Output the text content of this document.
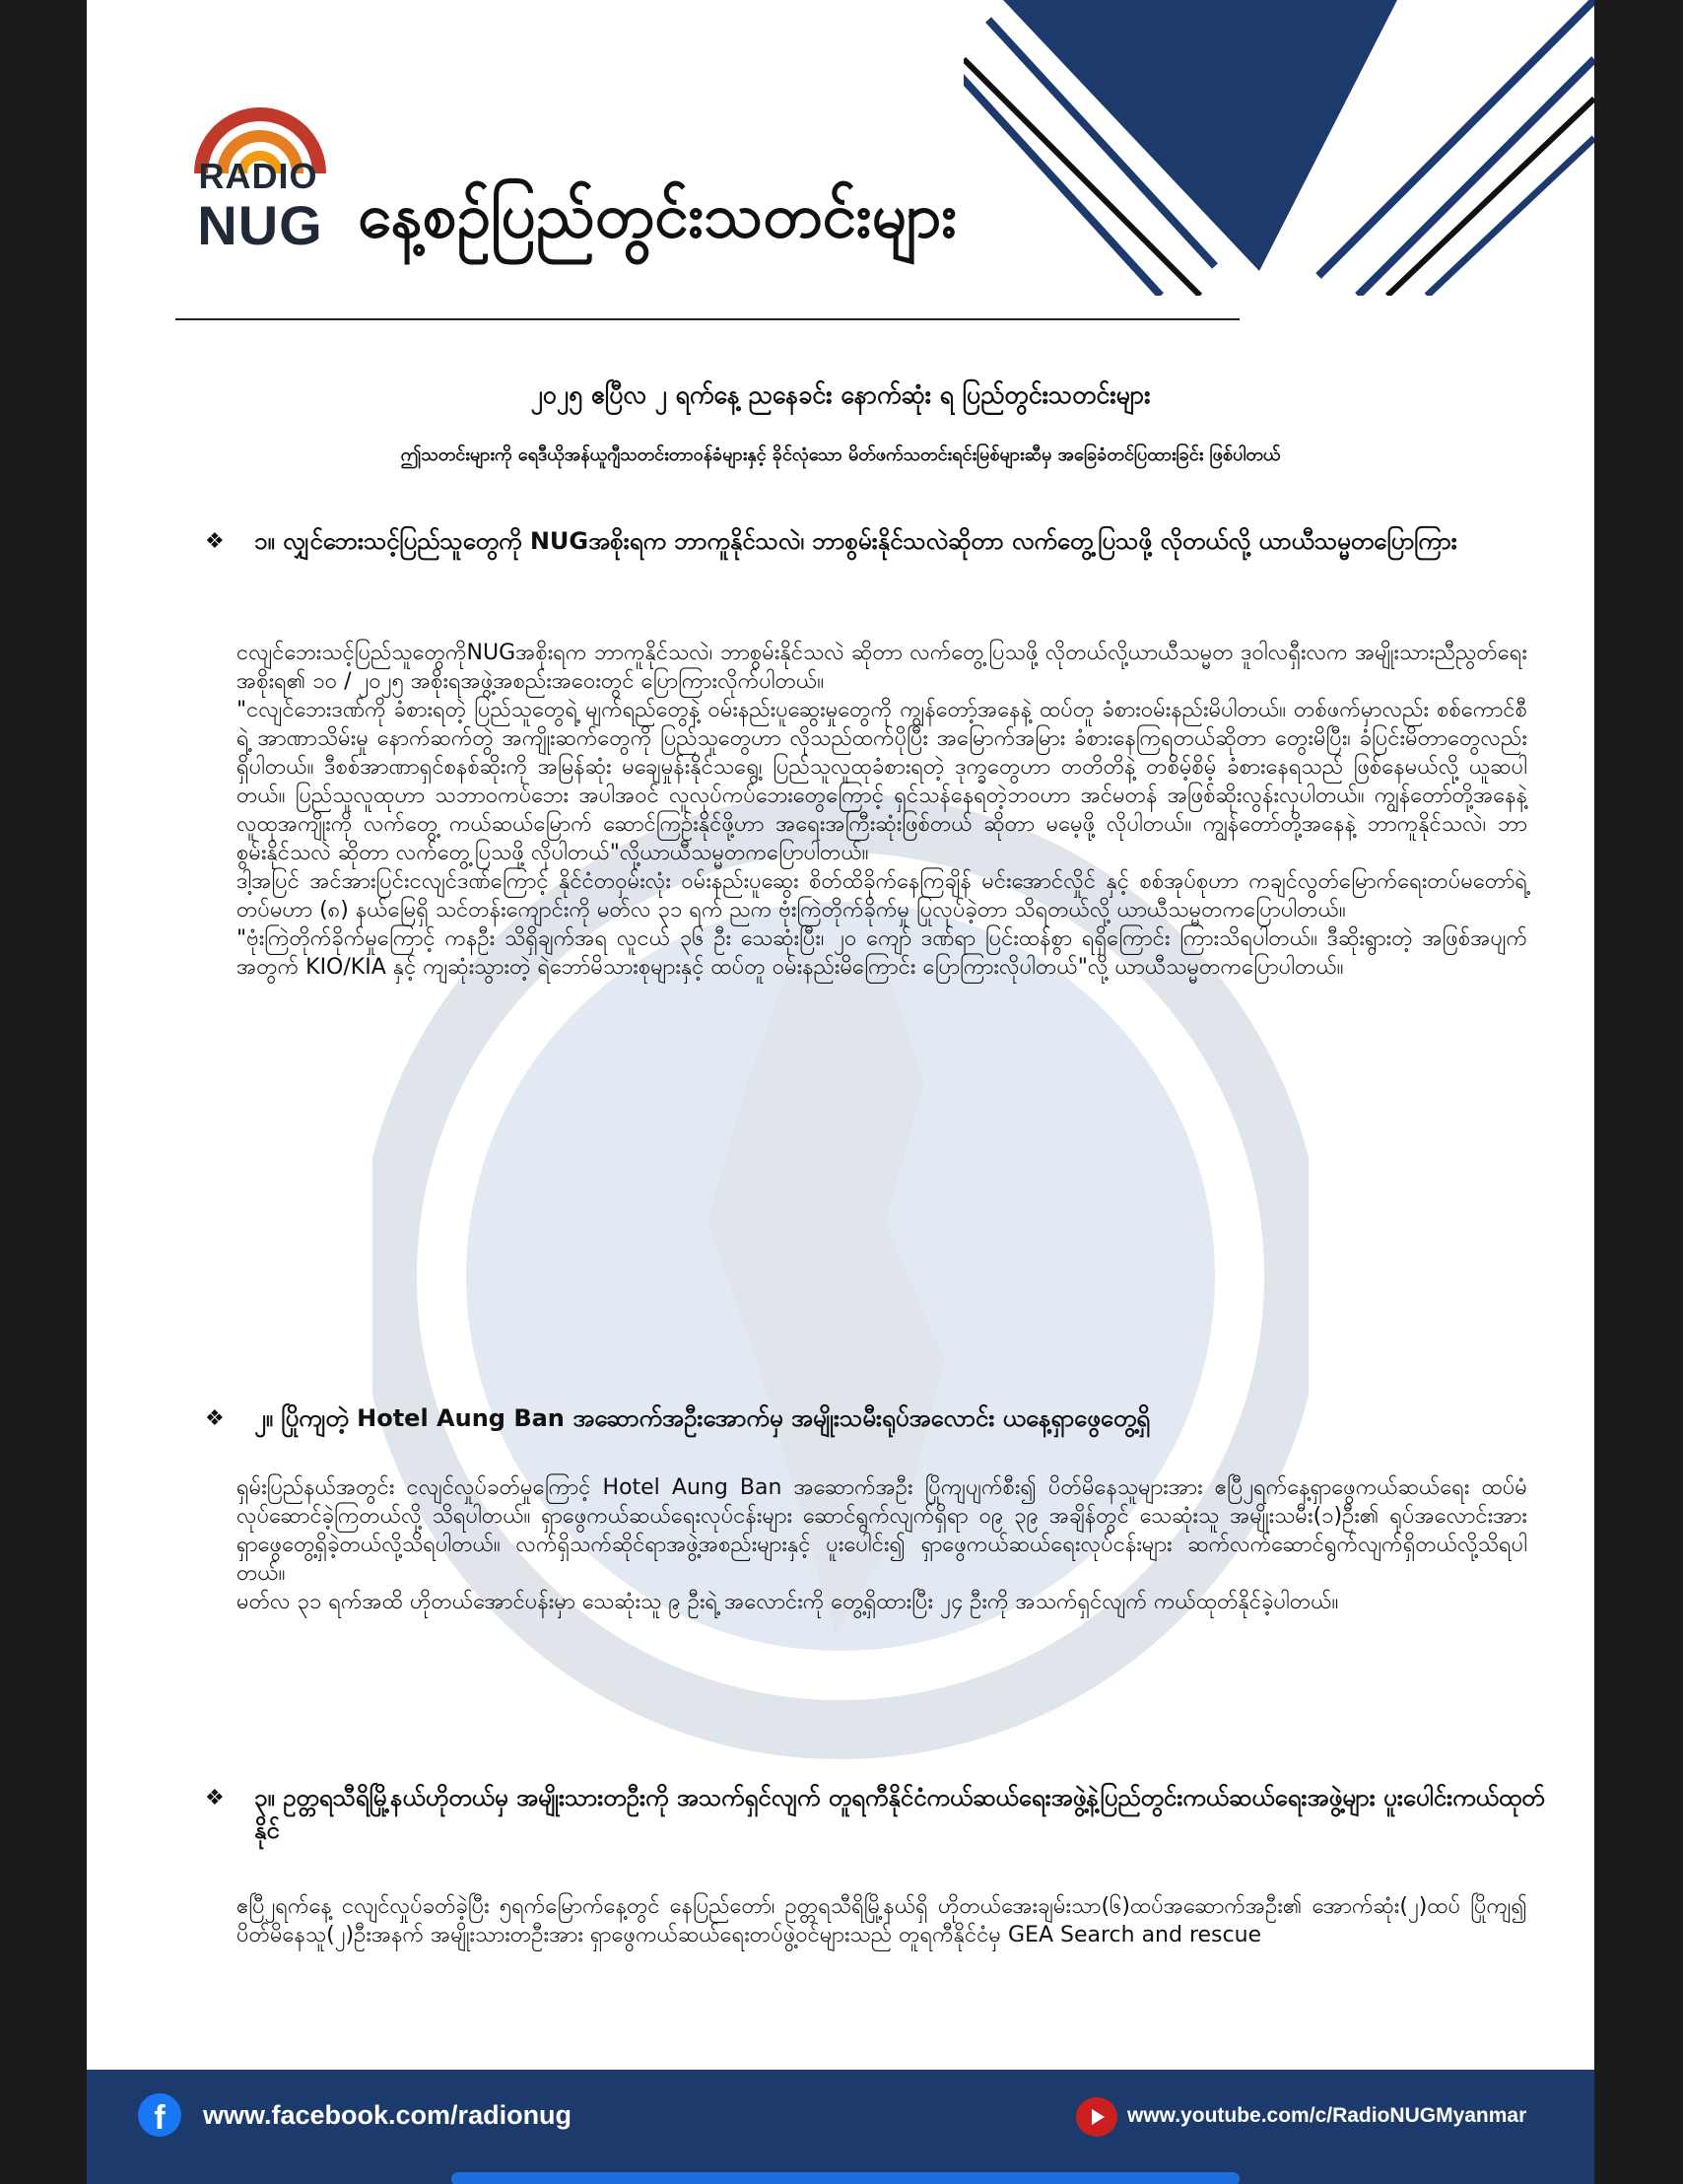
RADIO
NUG နေ့စဉ်ပြည်တွင်းသတင်းများ
၂၀၂၅ ဧပြီလ ၂ ရက်နေ့ ညနေခင်း နောက်ဆုံး ရ ပြည်တွင်းသတင်းများ
ဤသတင်းများကို ရေဒီယိုအန်ယူဂျီသတင်းတာဝန်ခံများနှင့် ခိုင်လုံသော မိတ်ဖက်သတင်းရင်းမြစ်များဆီမှ အခြေခံတင်ပြထားခြင်း ဖြစ်ပါတယ်
❖	၁။ လျှင်ဘေးသင့်ပြည်သူတွေကို NUGအစိုးရက ဘာကူနိုင်သလဲ၊ ဘာစွမ်းနိုင်သလဲဆိုတာ လက်တွေ့ပြသဖို့ လိုတယ်လို့ ယာယီသမ္မတပြောကြား

ငလျင်ဘေးသင့်ပြည်သူတွေကိုNUGအစိုးရက ဘာကူနိုင်သလဲ၊ ဘာစွမ်းနိုင်သလဲ ဆိုတာ လက်တွေ့ပြသဖို့ လိုတယ်လို့ယာယီသမ္မတ ဒူဝါလရှီးလက အမျိုးသားညီညွတ်ရေးအစိုးရ၏ ၁၀ / ၂၀၂၅ အစိုးရအဖွဲ့အစည်းအဝေးတွင် ပြောကြားလိုက်ပါတယ်။

"ငလျင်ဘေးဒဏ်ကို ခံစားရတဲ့ ပြည်သူတွေရဲ့ မျက်ရည်တွေနဲ့ ဝမ်းနည်းပူဆွေးမှုတွေကို ကျွန်တော့်အနေနဲ့ ထပ်တူ ခံစားဝမ်းနည်းမိပါတယ်။ တစ်ဖက်မှာလည်း စစ်ကောင်စီရဲ့ အာဏာသိမ်းမှု နောက်ဆက်တွဲ အကျိုးဆက်တွေကို ပြည်သူတွေဟာ လိုသည်ထက်ပိုပြီး အမြောက်အမြား ခံစားနေကြရတယ်ဆိုတာ တွေးမိပြီး၊ ခံပြင်းမိတာတွေလည်း ရှိပါတယ်။ ဒီစစ်အာဏာရှင်စနစ်ဆိုးကို အမြန်ဆုံး မချေမှုန်းနိုင်သရွေ့၊ ပြည်သူလူထုခံစားရတဲ့ ဒုက္ခတွေဟာ တတိတိနဲ့ တစိမ့်စိမ့် ခံစားနေရသည် ဖြစ်နေမယ်လို့ ယူဆပါတယ်။ ပြည်သူလူထုဟာ သဘာဝကပ်ဘေး အပါအဝင် လူလုပ်ကပ်ဘေးတွေကြောင့် ရှင်သန်နေရတဲ့ဘဝဟာ အင်မတန် အဖြစ်ဆိုးလွန်းလှပါတယ်။ ကျွန်တော်တို့အနေနဲ့ လူထုအကျိုးကို လက်တွေ့ ကယ်ဆယ်မြောက် ဆောင်ကြဉ်းနိုင်ဖို့ဟာ အရေးအကြီးဆုံးဖြစ်တယ် ဆိုတာ မမေ့ဖို့ လိုပါတယ်။ ကျွန်တော်တို့အနေနဲ့ ဘာကူနိုင်သလဲ၊ ဘာစွမ်းနိုင်သလဲ ဆိုတာ လက်တွေ့ပြသဖို့ လိုပါတယ်"လို့ယာယီသမ္မတကပြောပါတယ်။

ဒါ့အပြင် အင်အားပြင်းငလျင်ဒဏ်ကြောင့် နိုင်ငံတဝှမ်းလုံး ဝမ်းနည်းပူဆွေး စိတ်ထိခိုက်နေကြချိန် မင်းအောင်လှိုင် နှင့် စစ်အုပ်စုဟာ ကချင်လွတ်မြောက်ရေးတပ်မတော်ရဲ့ တပ်မဟာ (၈) နယ်မြေရှိ သင်တန်းကျောင်းကို မတ်လ ၃၁ ရက် ညက ဗုံးကြဲတိုက်ခိုက်မှု ပြုလုပ်ခဲ့တာ သိရတယ်လို့ ယာယီသမ္မတကပြောပါတယ်။

"ဗုံးကြဲတိုက်ခိုက်မှုကြောင့် ကနဦး သိရှိချက်အရ လူငယ် ၃၆ ဦး သေဆုံးပြီး၊ ၂၀ ကျော် ဒဏ်ရာ ပြင်းထန်စွာ ရရှိကြောင်း ကြားသိရပါတယ်။ ဒီဆိုးရွားတဲ့ အဖြစ်အပျက်အတွက် KIO/KIA နှင့် ကျဆုံးသွားတဲ့ ရဲဘော်မိသားစုများနှင့် ထပ်တူ ဝမ်းနည်းမိကြောင်း ပြောကြားလိုပါတယ်"လို့ ယာယီသမ္မတကပြောပါတယ်။

❖	၂။ ပြိုကျတဲ့ Hotel Aung Ban အဆောက်အဦးအောက်မှ အမျိုးသမီးရုပ်အလောင်း ယနေ့ရှာဖွေတွေ့ရှိ

ရှမ်းပြည်နယ်အတွင်း ငလျင်လှုပ်ခတ်မှုကြောင့် Hotel Aung Ban အဆောက်အဦး ပြိုကျပျက်စီး၍ ပိတ်မိနေသူများအား ဧပြီ၂ရက်နေ့ရှာဖွေကယ်ဆယ်ရေး ထပ်မံလုပ်ဆောင်ခဲ့ကြတယ်လို့ သိရပါတယ်။ ရှာဖွေကယ်ဆယ်ရေးလုပ်ငန်းများ ဆောင်ရွက်လျက်ရှိရာ ၀၉ ၃၉ အချိန်တွင် သေဆုံးသူ အမျိုးသမီး(၁)ဦး၏ ရုပ်အလောင်းအား ရှာဖွေတွေ့ရှိခဲ့တယ်လို့သိရပါတယ်။ လက်ရှိသက်ဆိုင်ရာအဖွဲ့အစည်းများနှင့် ပူးပေါင်း၍ ရှာဖွေကယ်ဆယ်ရေးလုပ်ငန်းများ ဆက်လက်ဆောင်ရွက်လျက်ရှိတယ်လို့သိရပါတယ်။

မတ်လ ၃၁ ရက်အထိ ဟိုတယ်အောင်ပန်းမှာ သေဆုံးသူ ၉ ဦးရဲ့ အလောင်းကို တွေ့ရှိထားပြီး ၂၄ ဦးကို အသက်ရှင်လျက် ကယ်ထုတ်နိုင်ခဲ့ပါတယ်။

❖	၃။ ဥတ္တရသီရိမြို့နယ်ဟိုတယ်မှ အမျိုးသားတဦးကို အသက်ရှင်လျက် တူရကီနိုင်ငံကယ်ဆယ်ရေးအဖွဲ့နဲ့ပြည်တွင်းကယ်ဆယ်ရေးအဖွဲ့များ ပူးပေါင်းကယ်ထုတ်နိုင်

ဧပြီ၂ရက်နေ့ ငလျင်လှုပ်ခတ်ခဲ့ပြီး ၅ရက်မြောက်နေ့တွင် နေပြည်တော်၊ ဥတ္တရသီရိမြို့နယ်ရှိ ဟိုတယ်အေးချမ်းသာ(၆)ထပ်အဆောက်အဦး၏ အောက်ဆုံး(၂)ထပ် ပြိုကျ၍ ပိတ်မိနေသူ(၂)ဦးအနက် အမျိုးသားတဦးအား ရှာဖွေကယ်ဆယ်ရေးတပ်ဖွဲ့ဝင်များသည် တူရကီနိုင်ငံမှ GEA Search and rescue

f	www.facebook.com/radionug	www.youtube.com/c/RadioNUGMyanmar
